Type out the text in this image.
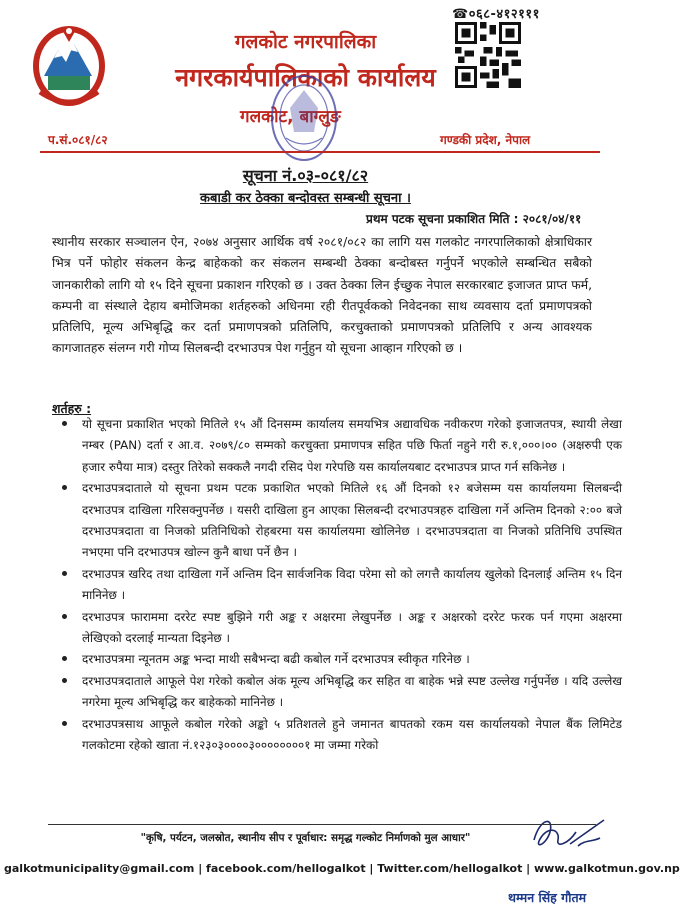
☎०६८-४१२१११
गलकोट नगरपालिका
नगरकार्यपालिकाको कार्यालय
गलकोट, बाग्लुङ
प.सं.०८१/८२	गण्डकी प्रदेश, नेपाल
सूचना नं.०३-०८१/८२
कबाडी कर ठेक्का बन्दोवस्त सम्बन्धी सूचना ।
प्रथम पटक सूचना प्रकाशित मिति : २०८१/०४/११
स्थानीय सरकार सञ्चालन ऐन, २०७४ अनुसार आर्थिक वर्ष २०८१/०८२ का लागि यस गलकोट नगरपालिकाको क्षेत्राधिकार भित्र पर्ने फोहोर संकलन केन्द्र बाहेकको कर संकलन सम्बन्धी ठेक्का बन्दोबस्त गर्नुपर्ने भएकोले सम्बन्धित सबैको जानकारीको लागि यो १५ दिने सूचना प्रकाशन गरिएको छ । उक्त ठेक्का लिन ईच्छुक नेपाल सरकारबाट इजाजत प्राप्त फर्म, कम्पनी वा संस्थाले देहाय बमोजिमका शर्तहरुको अधिनमा रही रीतपूर्वकको निवेदनका साथ व्यवसाय दर्ता प्रमाणपत्रको प्रतिलिपि, मूल्य अभिबृद्धि कर दर्ता प्रमाणपत्रको प्रतिलिपि, करचुक्ताको प्रमाणपत्रको प्रतिलिपि र अन्य आवश्यक कागजातहरु संलग्न गरी गोप्य सिलबन्दी दरभाउपत्र पेश गर्नुहुन यो सूचना आव्हान गरिएको छ ।
शर्तहरु :
यो सूचना प्रकाशित भएको मितिले १५ औं दिनसम्म कार्यालय समयभित्र अद्यावधिक नवीकरण गरेको इजाजतपत्र, स्थायी लेखा नम्बर (PAN) दर्ता र आ.व. २०७९/८० सम्मको करचुक्ता प्रमाणपत्र सहित पछि फिर्ता नहुने गरी रु.१,०००।०० (अक्षरुपी एक हजार रुपैया मात्र) दस्तुर तिरेको सक्कलै नगदी रसिद पेश गरेपछि यस कार्यालयबाट दरभाउपत्र प्राप्त गर्न सकिनेछ ।
दरभाउपत्रदाताले यो सूचना प्रथम पटक प्रकाशित भएको मितिले १६ औं दिनको १२ बजेसम्म यस कार्यालयमा सिलबन्दी दरभाउपत्र दाखिला गरिसक्नुपर्नेछ । यसरी दाखिला हुन आएका सिलबन्दी दरभाउपत्रहरु दाखिला गर्ने अन्तिम दिनको २:०० बजे दरभाउपत्रदाता वा निजको प्रतिनिधिको रोहबरमा यस कार्यालयमा खोलिनेछ । दरभाउपत्रदाता वा निजको प्रतिनिधि उपस्थित नभएमा पनि दरभाउपत्र खोल्न कुनै बाधा पर्ने छैन ।
दरभाउपत्र खरिद तथा दाखिला गर्ने अन्तिम दिन सार्वजनिक विदा परेमा सो को लगत्तै कार्यालय खुलेको दिनलाई अन्तिम १५ दिन मानिनेछ ।
दरभाउपत्र फाराममा दररेट स्पष्ट बुझिने गरी अङ्क र अक्षरमा लेखुपर्नेछ । अङ्क र अक्षरको दररेट फरक पर्न गएमा अक्षरमा लेखिएको दरलाई मान्यता दिइनेछ ।
दरभाउपत्रमा न्यूनतम अङ्क भन्दा माथी सबैभन्दा बढी कबोल गर्ने दरभाउपत्र स्वीकृत गरिनेछ ।
दरभाउपत्रदाताले आफूले पेश गरेको कबोल अंक मूल्य अभिबृद्धि कर सहित वा बाहेक भन्ने स्पष्ट उल्लेख गर्नुपर्नेछ । यदि उल्लेख नगरेमा मूल्य अभिबृद्धि कर बाहेकको मानिनेछ ।
दरभाउपत्रसाथ आफूले कबोल गरेको अङ्को ५ प्रतिशतले हुने जमानत बापतको रकम यस कार्यालयको नेपाल बैंक लिमिटेड गलकोटमा रहेको खाता नं.१२३०३००००३००००००००१ मा जम्मा गरेको
"कृषि, पर्यटन, जलस्रोत, स्थानीय सीप र पूर्वाधार: समृद्ध गल्कोट निर्माणको मुल आधार"
galkotmunicipality@gmail.com | facebook.com/hellogalkot | Twitter.com/hellogalkot | www.galkotmun.gov.np
थम्मन सिंह गौतम
